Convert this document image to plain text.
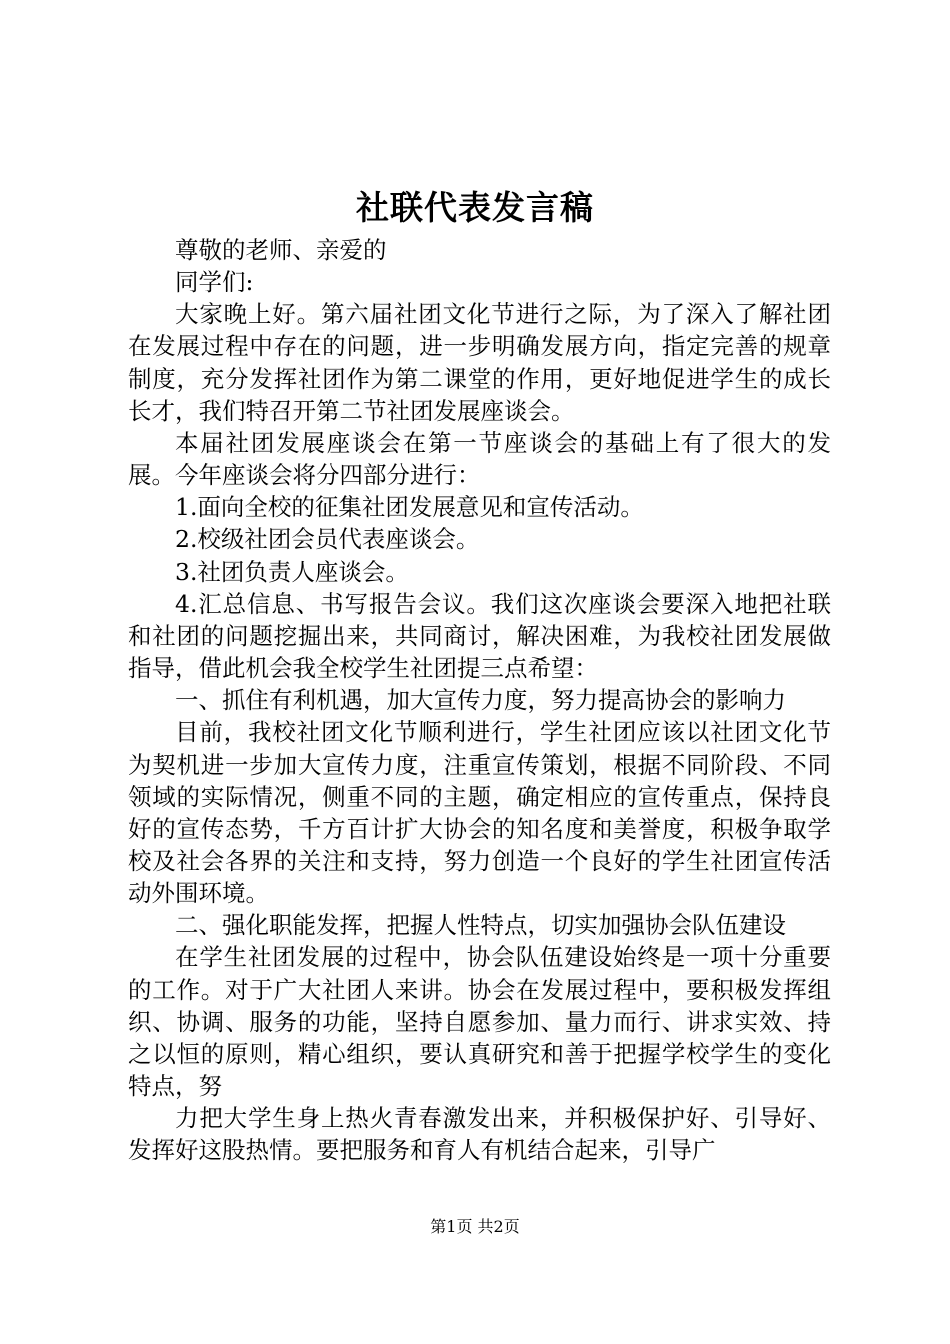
社联代表发言稿

尊敬的老师、亲爱的

同学们:

大家晚上好。第六届社团文化节进行之际，为了深入了解社团在发展过程中存在的问题，进一步明确发展方向，指定完善的规章制度，充分发挥社团作为第二课堂的作用，更好地促进学生的成长长才，我们特召开第二节社团发展座谈会。

本届社团发展座谈会在第一节座谈会的基础上有了很大的发展。今年座谈会将分四部分进行：

1.面向全校的征集社团发展意见和宣传活动。

2.校级社团会员代表座谈会。

3.社团负责人座谈会。

4.汇总信息、书写报告会议。我们这次座谈会要深入地把社联和社团的问题挖掘出来，共同商讨，解决困难，为我校社团发展做指导，借此机会我全校学生社团提三点希望：

一、抓住有利机遇，加大宣传力度，努力提高协会的影响力

目前，我校社团文化节顺利进行，学生社团应该以社团文化节为契机进一步加大宣传力度，注重宣传策划，根据不同阶段、不同领域的实际情况，侧重不同的主题，确定相应的宣传重点，保持良好的宣传态势，千方百计扩大协会的知名度和美誉度，积极争取学校及社会各界的关注和支持，努力创造一个良好的学生社团宣传活动外围环境。

二、强化职能发挥，把握人性特点，切实加强协会队伍建设

在学生社团发展的过程中，协会队伍建设始终是一项十分重要的工作。对于广大社团人来讲。协会在发展过程中，要积极发挥组织、协调、服务的功能，坚持自愿参加、量力而行、讲求实效、持之以恒的原则，精心组织，要认真研究和善于把握学校学生的变化特点，努

力把大学生身上热火青春激发出来，并积极保护好、引导好、发挥好这股热情。要把服务和育人有机结合起来，引导广

第1页 共2页
